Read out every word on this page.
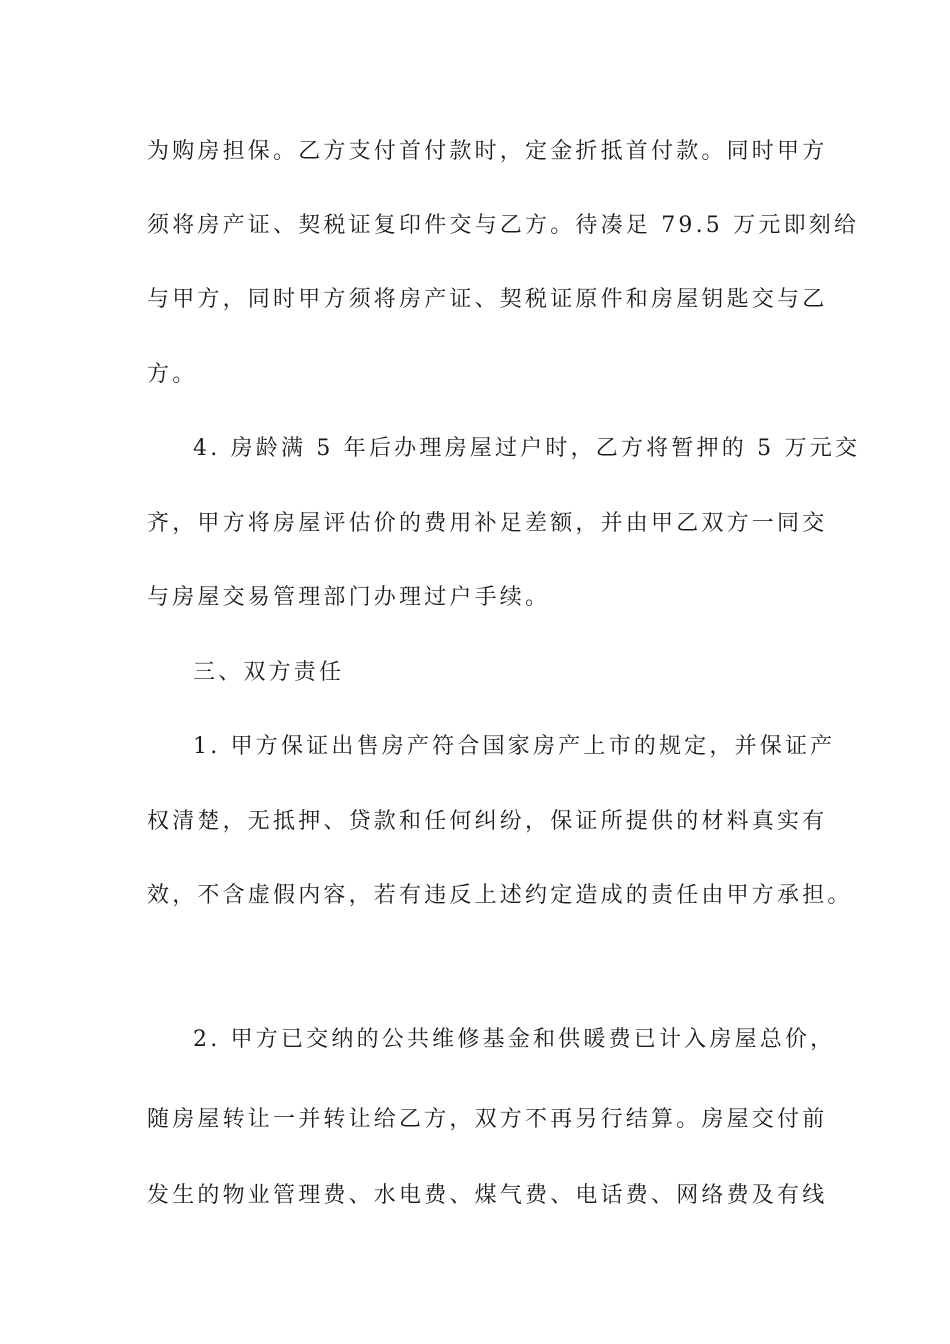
为购房担保。乙方支付首付款时，定金折抵首付款。同时甲方
须将房产证、契税证复印件交与乙方。待凑足 79.5 万元即刻给
与甲方，同时甲方须将房产证、契税证原件和房屋钥匙交与乙
方。
4. 房龄满 5 年后办理房屋过户时，乙方将暂押的 5 万元交
齐，甲方将房屋评估价的费用补足差额，并由甲乙双方一同交
与房屋交易管理部门办理过户手续。
三、双方责任
1. 甲方保证出售房产符合国家房产上市的规定，并保证产
权清楚，无抵押、贷款和任何纠纷，保证所提供的材料真实有
效，不含虚假内容，若有违反上述约定造成的责任由甲方承担。
2. 甲方已交纳的公共维修基金和供暖费已计入房屋总价，
随房屋转让一并转让给乙方，双方不再另行结算。房屋交付前
发生的物业管理费、水电费、煤气费、电话费、网络费及有线
